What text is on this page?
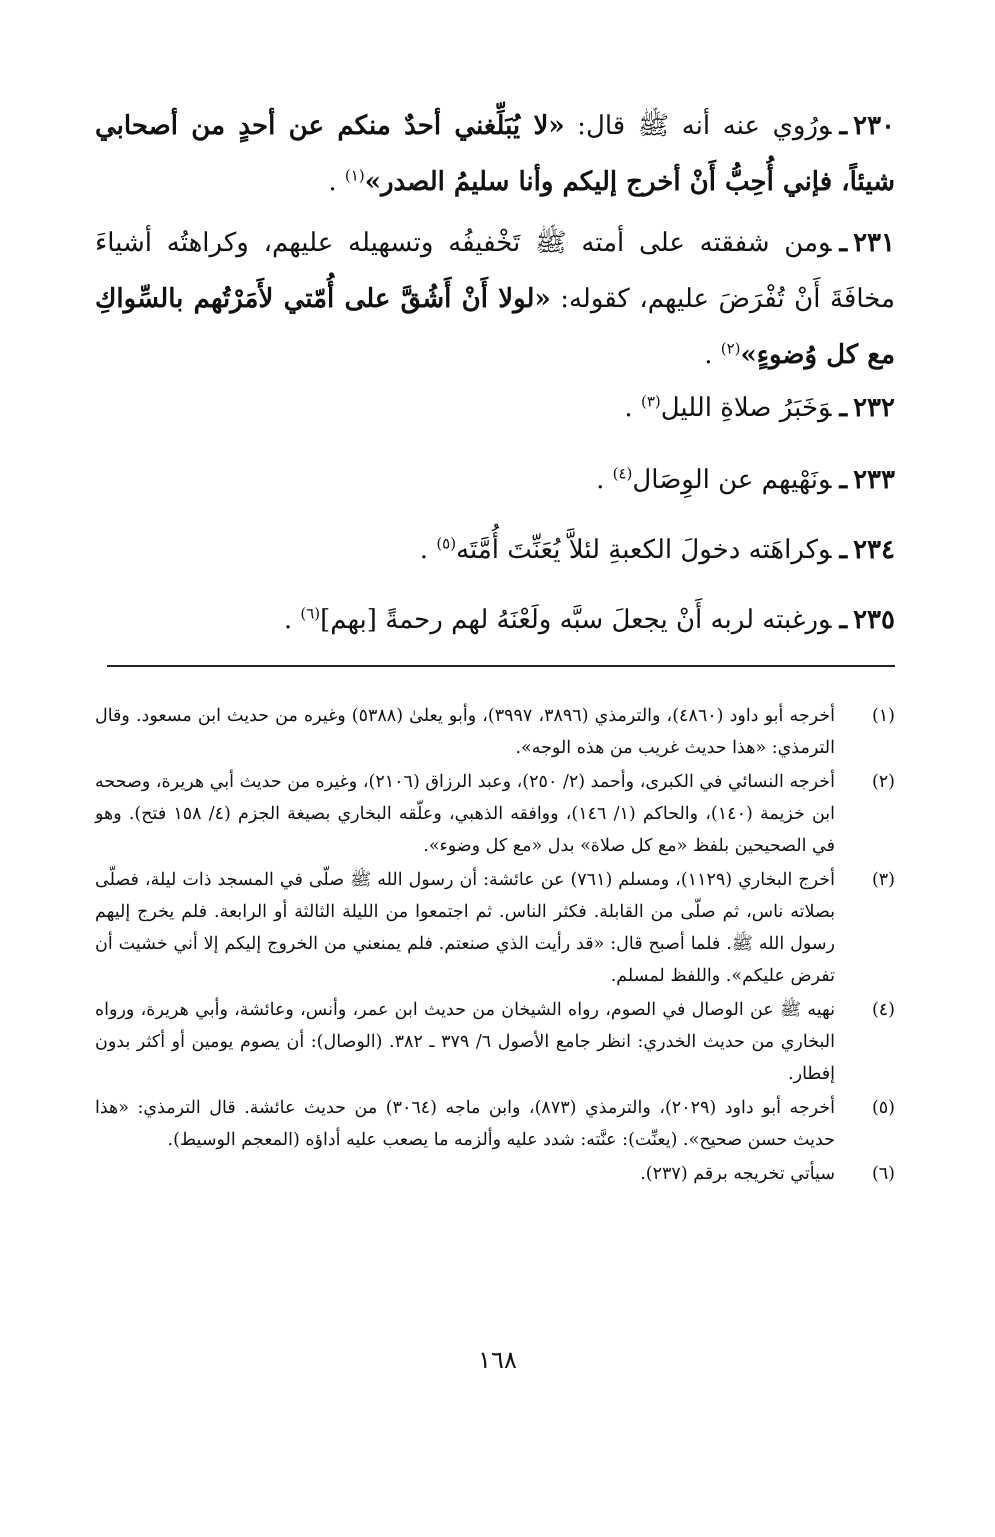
٢٣٠ـورُوي عنه أنه ﷺ قال: «لا يُبَلِّغني أحدٌ منكم عن أحدٍ من أصحابي شيئاً، فإني أُحِبُّ أَنْ أخرج إليكم وأنا سليمُ الصدر»$^{(١)}$ .
٢٣١ـومن شفقته على أمته ﷺ تَخْفيفُه وتسهيله عليهم، وكراهتُه أشياءَ مخافَةَ أَنْ تُفْرَضَ عليهم، كقوله: «لولا أَنْ أَشُقَّ على أُمّتي لأَمَرْتُهم بالسِّواكِ مع كل وُضوءٍ»$^{(٢)}$ .
٢٣٢ـوَخَبَرُ صلاةِ الليل$^{(٣)}$ .
٢٣٣ـونَهْيهم عن الوِصَال$^{(٤)}$ .
٢٣٤ـوكراهَته دخولَ الكعبةِ لئلاَّ يُعَنِّتَ أُمَّتَه$^{(٥)}$ .
٢٣٥ـورغبته لربه أَنْ يجعلَ سبَّه ولَعْنَهُ لهم رحمةً [بهم]$^{(٦)}$ .
(١)
أخرجه أبو داود (٤٨٦٠)، والترمذي (٣٨٩٦، ٣٩٩٧)، وأبو يعلىٰ (٥٣٨٨) وغيره من حديث ابن مسعود. وقال الترمذي: «هذا حديث غريب من هذه الوجه».
(٢)
أخرجه النسائي في الكبرى، وأحمد (٢/ ٢٥٠)، وعبد الرزاق (٢١٠٦)، وغيره من حديث أبي هريرة، وصححه ابن خزيمة (١٤٠)، والحاكم (١/ ١٤٦)، ووافقه الذهبي، وعلّقه البخاري بصيغة الجزم (٤/ ١٥٨ فتح). وهو في الصحيحين بلفظ «مع كل صلاة» بدل «مع كل وضوء».
(٣)
أخرج البخاري (١١٢٩)، ومسلم (٧٦١) عن عائشة: أن رسول الله ﷺ صلّى في المسجد ذات ليلة، فصلّى بصلاته ناس، ثم صلّى من القابلة. فكثر الناس. ثم اجتمعوا من الليلة الثالثة أو الرابعة. فلم يخرج إليهم رسول الله ﷺ. فلما أصبح قال: «قد رأيت الذي صنعتم. فلم يمنعني من الخروج إليكم إلا أني خشيت أن تفرض عليكم». واللفظ لمسلم.
(٤)
نهيه ﷺ عن الوصال في الصوم، رواه الشيخان من حديث ابن عمر، وأنس، وعائشة، وأبي هريرة، ورواه البخاري من حديث الخدري: انظر جامع الأصول ٦/ ٣٧٩ ـ ٣٨٢. (الوصال): أن يصوم يومين أو أكثر بدون إفطار.
(٥)
أخرجه أبو داود (٢٠٢٩)، والترمذي (٨٧٣)، وابن ماجه (٣٠٦٤) من حديث عائشة. قال الترمذي: «هذا حديث حسن صحيح». (يعنِّت): عنَّته: شدد عليه وألزمه ما يصعب عليه أداؤه (المعجم الوسيط).
(٦)
سيأتي تخريجه برقم (٢٣٧).
١٦٨
